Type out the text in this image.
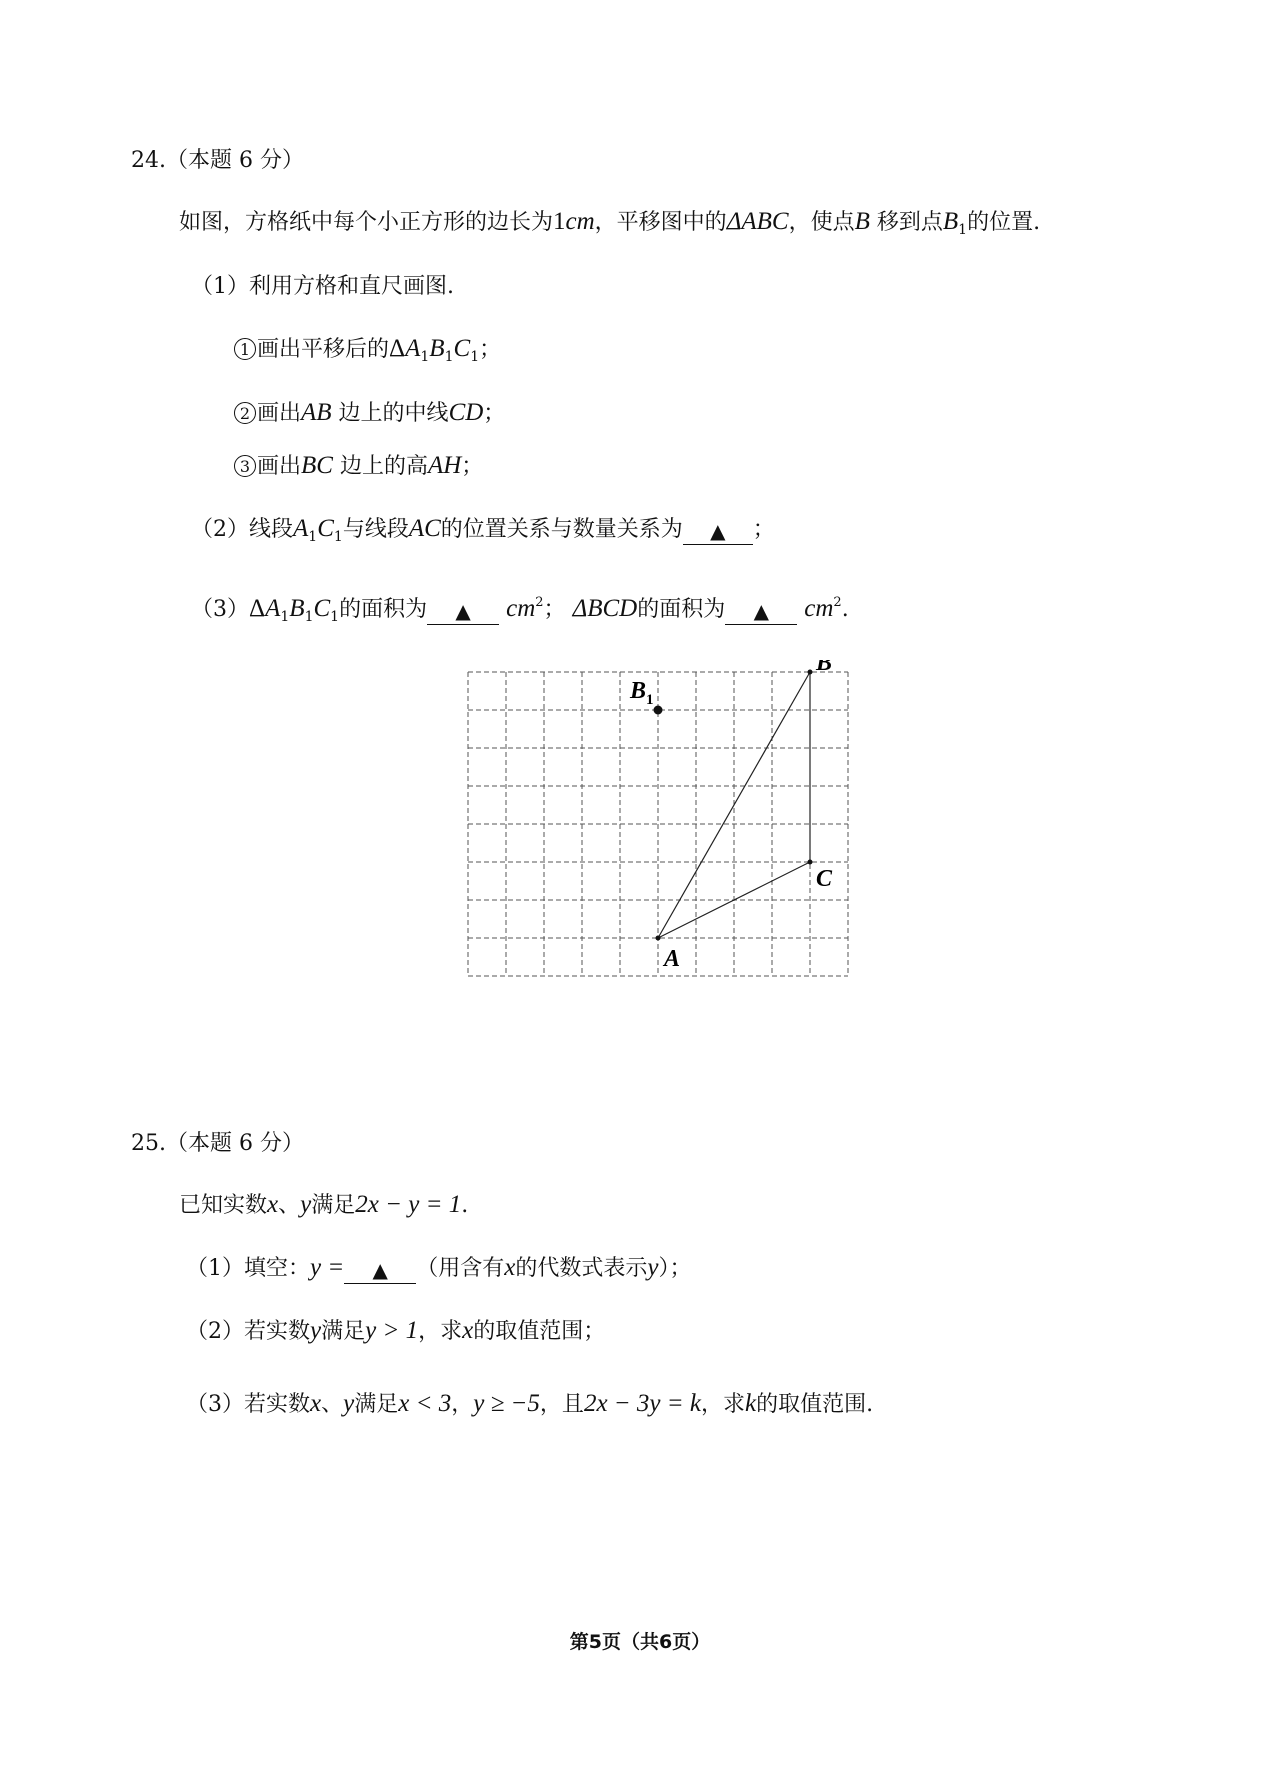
24.（本题 6 分）
如图，方格纸中每个小正方形的边长为1cm，平移图中的ΔABC，使点B 移到点$B_1$的位置.
（1）利用方格和直尺画图.
1 画出平移后的$\Delta A_1B_1C_1$；
2 画出AB 边上的中线CD；
3 画出BC 边上的高AH；
（2）线段$A_1C_1$与线段AC的位置关系与数量关系为 ▲ ；
$(3)\Delta A_1B_1C_1$的面积为 ▲ $cm^2$； ΔBCD的面积为 ▲ $cm^2$.
A
B
C
B 1
25.（本题 6 分）
已知实数x、y满足2x − y = 1.
（1）填空：y = ▲ （用含有x的代数式表示y）；
（2）若实数y满足y > 1，求x的取值范围；
（3）若实数x、y满足x < 3，y ≥ −5，且2x − 3y = k，求k的取值范围.
第5页（共6页）
